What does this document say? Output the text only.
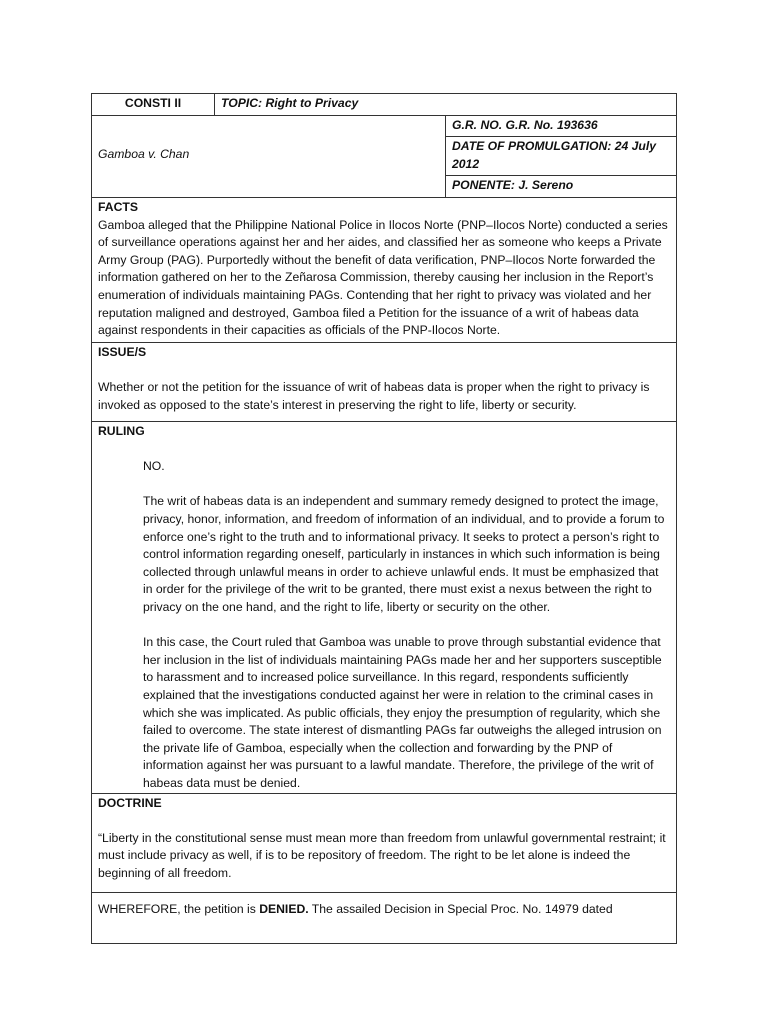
CONSTI II	TOPIC: Right to Privacy	
Gamboa v. Chan		G.R. NO. G.R. No. 193636
		DATE OF PROMULGATION: 24 July 2012
		PONENTE: J. Sereno

FACTS
Gamboa alleged that the Philippine National Police in Ilocos Norte (PNP–Ilocos Norte) conducted a series of surveillance operations against her and her aides, and classified her as someone who keeps a Private Army Group (PAG). Purportedly without the benefit of data verification, PNP–Ilocos Norte forwarded the information gathered on her to the Zeñarosa Commission, thereby causing her inclusion in the Report’s enumeration of individuals maintaining PAGs. Contending that her right to privacy was violated and her reputation maligned and destroyed, Gamboa filed a Petition for the issuance of a writ of habeas data against respondents in their capacities as officials of the PNP-Ilocos Norte.		

ISSUE/S
Whether or not the petition for the issuance of writ of habeas data is proper when the right to privacy is invoked as opposed to the state’s interest in preserving the right to life, liberty or security.		

RULING
NO.
The writ of habeas data is an independent and summary remedy designed to protect the image, privacy, honor, information, and freedom of information of an individual, and to provide a forum to enforce one’s right to the truth and to informational privacy. It seeks to protect a person’s right to control information regarding oneself, particularly in instances in which such information is being collected through unlawful means in order to achieve unlawful ends. It must be emphasized that in order for the privilege of the writ to be granted, there must exist a nexus between the right to privacy on the one hand, and the right to life, liberty or security on the other.
In this case, the Court ruled that Gamboa was unable to prove through substantial evidence that her inclusion in the list of individuals maintaining PAGs made her and her supporters susceptible to harassment and to increased police surveillance. In this regard, respondents sufficiently explained that the investigations conducted against her were in relation to the criminal cases in which she was implicated. As public officials, they enjoy the presumption of regularity, which she failed to overcome. The state interest of dismantling PAGs far outweighs the alleged intrusion on the private life of Gamboa, especially when the collection and forwarding by the PNP of information against her was pursuant to a lawful mandate. Therefore, the privilege of the writ of habeas data must be denied.		

DOCTRINE
“Liberty in the constitutional sense must mean more than freedom from unlawful governmental restraint; it must include privacy as well, if is to be repository of freedom. The right to be let alone is indeed the beginning of all freedom.		

WHEREFORE, the petition is DENIED. The assailed Decision in Special Proc. No. 14979 dated		
